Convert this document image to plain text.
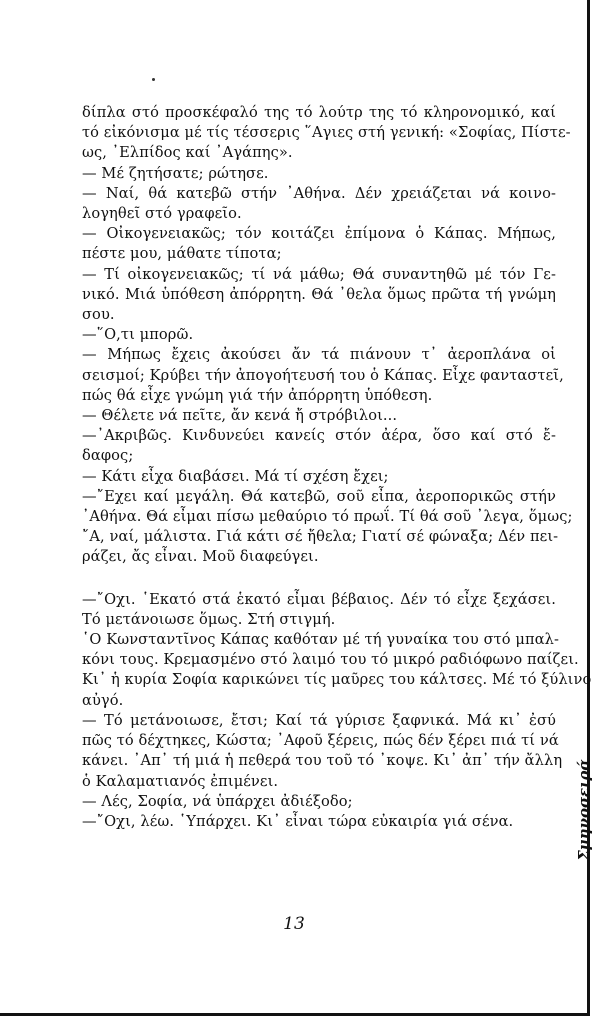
δίπλα στό προσκέφαλό της τό λούτρ της τό κληρονομικό, καί
τό εἰκόνισμα μέ τίς τέσσερις ῞Αγιες στή γενική: «Σοφίας, Πίστε-
ως, ᾿Ελπίδος καί ᾿Αγάπης».

— Μέ ζητήσατε; ρώτησε.

— Ναί, θά κατεβῶ στήν ᾿Αθήνα. Δέν χρειάζεται νά κοινο-
λογηθεῖ στό γραφεῖο.

— Οἰκογενειακῶς; τόν κοιτάζει ἐπίμονα ὁ Κάπας. Μήπως,
πέστε μου, μάθατε τίποτα;

— Τί οἰκογενειακῶς; τί νά μάθω; Θά συναντηθῶ μέ τόν Γε-
νικό. Μιά ὑπόθεση ἀπόρρητη. Θά ᾿θελα ὅμως πρῶτα τή γνώμη
σου.

—῞Ο,τι μπορῶ.

— Μήπως ἔχεις ἀκούσει ἄν τά πιάνουν τ᾿ ἀεροπλάνα οἱ
σεισμοί; Κρύβει τήν ἀπογοήτευσή του ὁ Κάπας. Εἶχε φανταστεῖ,
πώς θά εἶχε γνώμη γιά τήν ἀπόρρητη ὑπόθεση.

— Θέλετε νά πεῖτε, ἄν κενά ἤ στρόβιλοι...

—᾿Ακριβῶς. Κινδυνεύει κανείς στόν ἀέρα, ὅσο καί στό ἔ-
δαφος;

— Κάτι εἶχα διαβάσει. Μά τί σχέση ἔχει;

—῎Εχει καί μεγάλη. Θά κατεβῶ, σοῦ εἶπα, ἀεροπορικῶς στήν
᾿Αθήνα. Θά εἶμαι πίσω μεθαύριο τό πρωΐ. Τί θά σοῦ ᾿λεγα, ὅμως;
῎Α, ναί, μάλιστα. Γιά κάτι σέ ἤθελα; Γιατί σέ φώναξα; Δέν πει-
ράζει, ἄς εἶναι. Μοῦ διαφεύγει.

—῎Οχι. ῾Εκατό στά ἑκατό εἶμαι βέβαιος. Δέν τό εἶχε ξεχάσει.
Τό μετάνοιωσε ὅμως. Στή στιγμή.

῾Ο Κωνσταντῖνος Κάπας καθόταν μέ τή γυναίκα του στό μπαλ-
κόνι τους. Κρεμασμένο στό λαιμό του τό μικρό ραδιόφωνο παίζει.
Κι᾿ ἡ κυρία Σοφία καρικώνει τίς μαῦρες του κάλτσες. Μέ τό ξύλινο
αὐγό.

— Τό μετάνοιωσε, ἔτσι; Καί τά γύρισε ξαφνικά. Μά κι᾿ ἐσύ
πῶς τό δέχτηκες, Κώστα; ᾿Αφοῦ ξέρεις, πώς δέν ξέρει πιά τί νά
κάνει. ᾿Απ᾿ τή μιά ἡ πεθερά του τοῦ τό ᾿κοψε. Κι᾿ ἀπ᾿ τήν ἄλλη
ὁ Καλαματιανός ἐπιμένει.

— Λές, Σοφία, νά ὑπάρχει ἀδιέξοδο;

—῎Οχι, λέω. ῾Υπάρχει. Κι᾿ εἶναι τώρα εὐκαιρία γιά σένα.

13
Σμηνοσειρά
